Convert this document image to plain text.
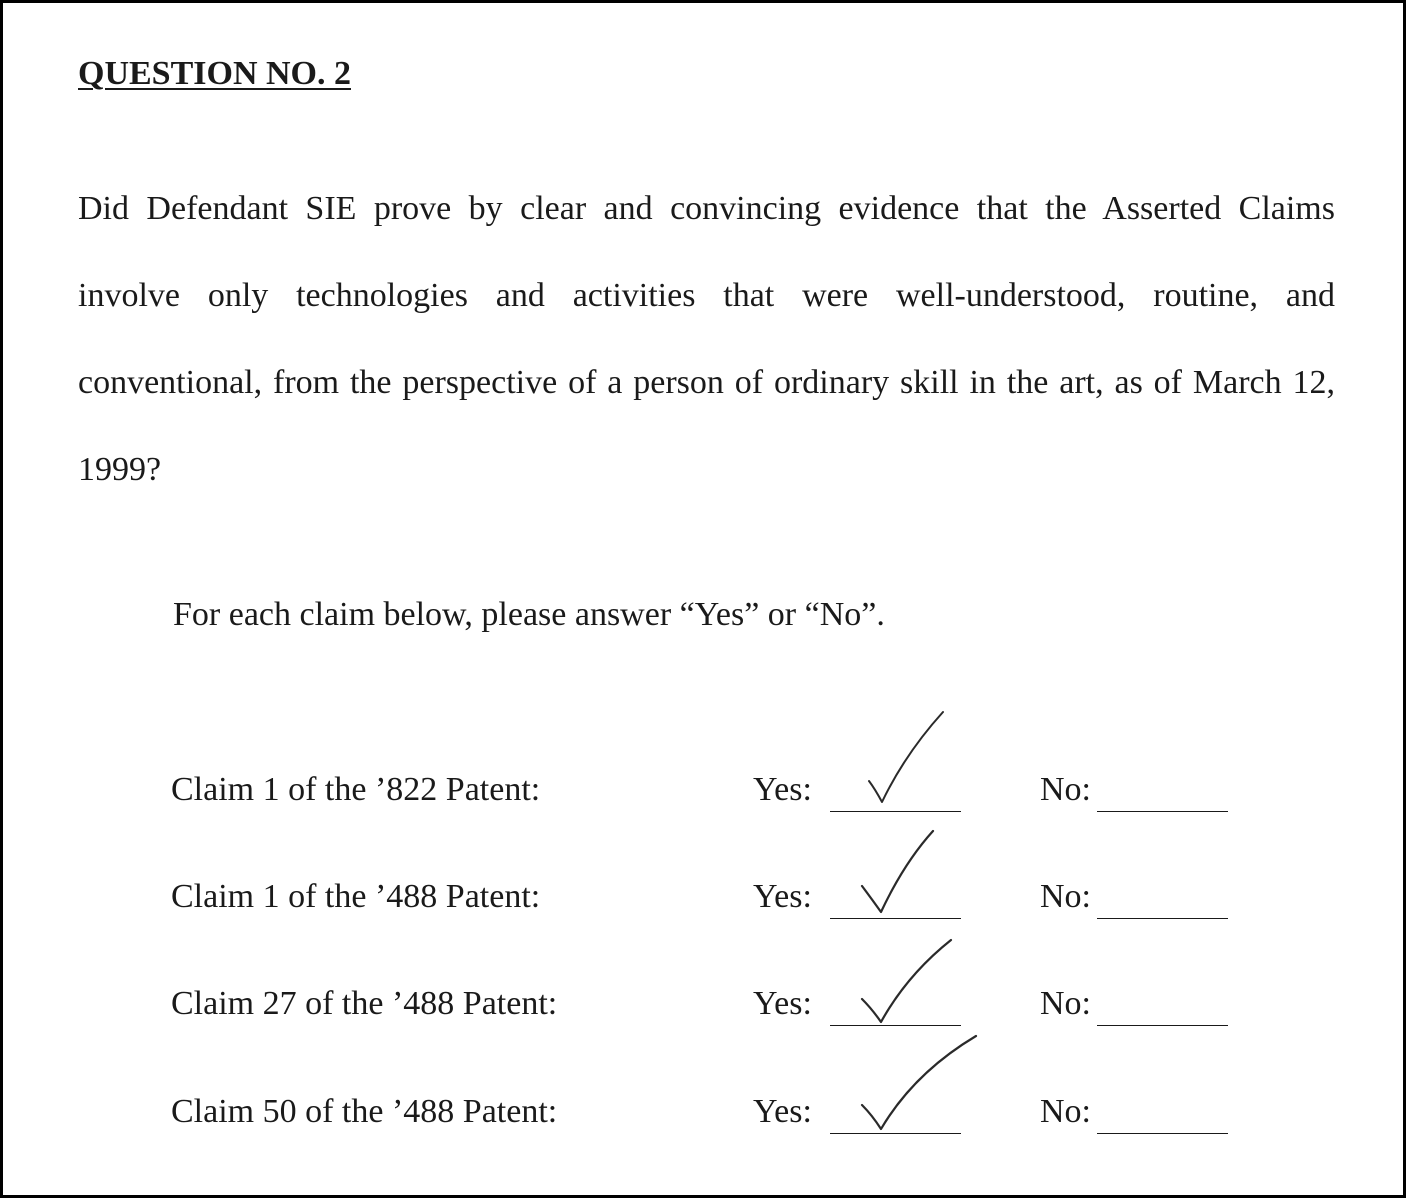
QUESTION NO. 2

Did Defendant SIE prove by clear and convincing evidence that the Asserted Claims involve only technologies and activities that were well-understood, routine, and conventional, from the perspective of a person of ordinary skill in the art, as of March 12, 1999?

For each claim below, please answer “Yes” or “No”.

Claim 1 of the ’822 Patent:	Yes:	No:
Claim 1 of the ’488 Patent:	Yes:	No:
Claim 27 of the ’488 Patent:	Yes:	No:
Claim 50 of the ’488 Patent:	Yes:	No:
